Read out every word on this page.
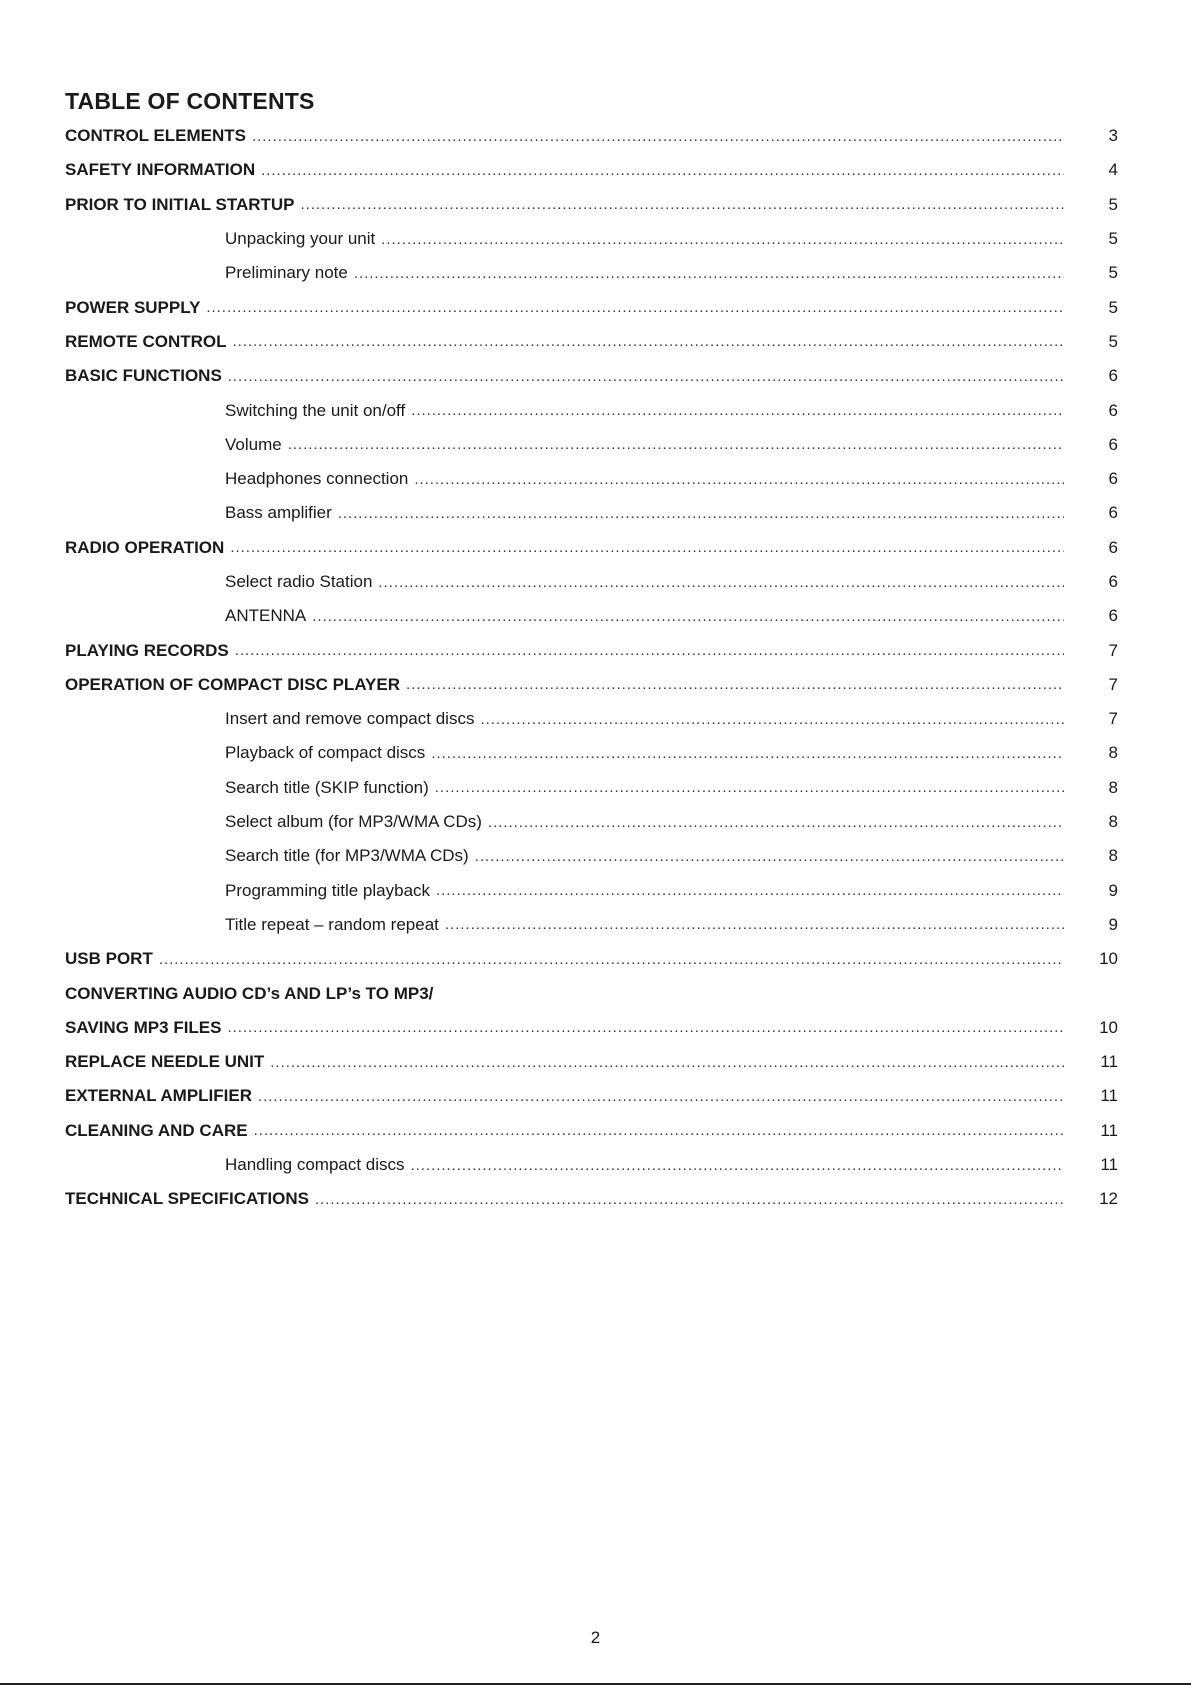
TABLE OF CONTENTS
CONTROL ELEMENTS . . .	3
SAFETY INFORMATION . . .	4
PRIOR TO INITIAL STARTUP . . .	5
Unpacking your unit . . .	5
Preliminary note . . .	5
POWER SUPPLY . . .	5
REMOTE CONTROL . . .	5
BASIC FUNCTIONS . . .	6
Switching the unit on/off . . .	6
Volume . . .	6
Headphones connection . . .	6
Bass amplifier . . .	6
RADIO OPERATION . . .	6
Select radio Station . . .	6
ANTENNA . . .	6
PLAYING RECORDS . . .	7
OPERATION OF COMPACT DISC PLAYER . . .	7
Insert and remove compact discs . . .	7
Playback of compact discs . . .	8
Search title (SKIP function) . . .	8
Select album (for MP3/WMA CDs) . . .	8
Search title (for MP3/WMA CDs) . . .	8
Programming title playback . . .	9
Title repeat – random repeat . . .	9
USB PORT . . .	10
CONVERTING AUDIO CD’s AND LP’s TO MP3/
SAVING MP3 FILES . . .	10
REPLACE NEEDLE UNIT . . .	11
EXTERNAL AMPLIFIER . . .	11
CLEANING AND CARE . . .	11
Handling compact discs . . .	11
TECHNICAL SPECIFICATIONS . . .	12
2
